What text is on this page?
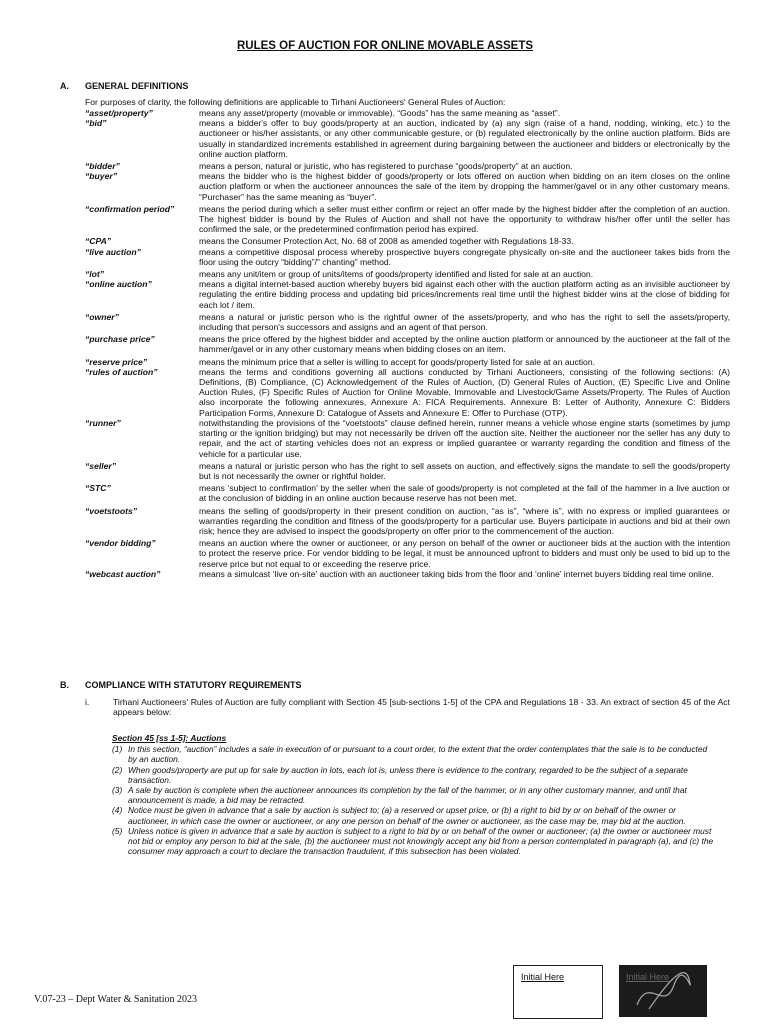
RULES OF AUCTION FOR ONLINE MOVABLE ASSETS
A. GENERAL DEFINITIONS
For purposes of clarity, the following definitions are applicable to Tirhani Auctioneers' General Rules of Auction:
“asset/property”	means any asset/property (movable or immovable). “Goods” has the same meaning as “asset”.
“bid”	means a bidder's offer to buy goods/property at an auction, indicated by (a) any sign (raise of a hand, nodding, winking, etc.) to the auctioneer or his/her assistants, or any other communicable gesture, or (b) regulated electronically by the online auction platform. Bids are usually in standardized increments established in agreement during bargaining between the auctioneer and bidders or electronically by the online auction platform.
“bidder”	means a person, natural or juristic, who has registered to purchase “goods/property” at an auction.
“buyer”	means the bidder who is the highest bidder of goods/property or lots offered on auction when bidding on an item closes on the online auction platform or when the auctioneer announces the sale of the item by dropping the hammer/gavel or in any other customary means. “Purchaser” has the same meaning as “buyer”.
“confirmation period”	means the period during which a seller must either confirm or reject an offer made by the highest bidder after the completion of an auction. The highest bidder is bound by the Rules of Auction and shall not have the opportunity to withdraw his/her offer until the seller has confirmed the sale, or the predetermined confirmation period has expired.
“CPA”	means the Consumer Protection Act, No. 68 of 2008 as amended together with Regulations 18-33.
“live auction”	means a competitive disposal process whereby prospective buyers congregate physically on-site and the auctioneer takes bids from the floor using the outcry “bidding”/” chanting” method.
“lot”	means any unit/item or group of units/items of goods/property identified and listed for sale at an auction.
“online auction”	means a digital internet-based auction whereby buyers bid against each other with the auction platform acting as an invisible auctioneer by regulating the entire bidding process and updating bid prices/increments real time until the highest bidder wins at the close of bidding for each lot / item.
“owner”	means a natural or juristic person who is the rightful owner of the assets/property, and who has the right to sell the assets/property, including that person's successors and assigns and an agent of that person.
“purchase price”	means the price offered by the highest bidder and accepted by the online auction platform or announced by the auctioneer at the fall of the hammer/gavel or in any other customary means when bidding closes on an item.
“reserve price”	means the minimum price that a seller is willing to accept for goods/property listed for sale at an auction.
“rules of auction”	means the terms and conditions governing all auctions conducted by Tirhani Auctioneers, consisting of the following sections: (A) Definitions, (B) Compliance, (C) Acknowledgement of the Rules of Auction, (D) General Rules of Auction, (E) Specific Live and Online Auction Rules, (F) Specific Rules of Auction for Online Movable, Immovable and Livestock/Game Assets/Property. The Rules of Auction also incorporate the following annexures, Annexure A: FICA Requirements. Annexure B: Letter of Authority, Annexure C: Bidders Participation Forms, Annexure D: Catalogue of Assets and Annexure E: Offer to Purchase (OTP).
“runner”	notwithstanding the provisions of the “voetstoots” clause defined herein, runner means a vehicle whose engine starts (sometimes by jump starting or the ignition bridging) but may not necessarily be driven off the auction site. Neither the auctioneer nor the seller has any duty to repair, and the act of starting vehicles does not an express or implied guarantee or warranty regarding the condition and fitness of the vehicle for a particular use.
“seller”	means a natural or juristic person who has the right to sell assets on auction, and effectively signs the mandate to sell the goods/property but is not necessarily the owner or rightful holder.
“STC”	means ‘subject to confirmation’ by the seller when the sale of goods/property is not completed at the fall of the hammer in a live auction or at the conclusion of bidding in an online auction because reserve has not been met.
“voetstoots”	means the selling of goods/property in their present condition on auction, “as is”, “where is”, with no express or implied guarantees or warranties regarding the condition and fitness of the goods/property for a particular use. Buyers participate in auctions and bid at their own risk; hence they are advised to inspect the goods/property on offer prior to the commencement of the auction.
“vendor bidding”	means an auction where the owner or auctioneer, or any person on behalf of the owner or auctioneer bids at the auction with the intention to protect the reserve price. For vendor bidding to be legal, it must be announced upfront to bidders and must only be used to bid up to the reserve price but not equal to or exceeding the reserve price.
“webcast auction”	means a simulcast ‘live on-site’ auction with an auctioneer taking bids from the floor and ‘online’ internet buyers bidding real time online.
B. COMPLIANCE WITH STATUTORY REQUIREMENTS
i.	Tirhani Auctioneers' Rules of Auction are fully compliant with Section 45 [sub-sections 1-5] of the CPA and Regulations 18 - 33. An extract of section 45 of the Act appears below:
Section 45 [ss 1-5]: Auctions
(1) In this section, “auction” includes a sale in execution of or pursuant to a court order, to the extent that the order contemplates that the sale is to be conducted by an auction.
(2) When goods/property are put up for sale by auction in lots, each lot is, unless there is evidence to the contrary, regarded to be the subject of a separate transaction.
(3) A sale by auction is complete when the auctioneer announces its completion by the fall of the hammer, or in any other customary manner, and until that announcement is made, a bid may be retracted.
(4) Notice must be given in advance that a sale by auction is subject to; (a) a reserved or upset price, or (b) a right to bid by or on behalf of the owner or auctioneer, in which case the owner or auctioneer, or any one person on behalf of the owner or auctioneer, as the case may be, may bid at the auction.
(5) Unless notice is given in advance that a sale by auction is subject to a right to bid by or on behalf of the owner or auctioneer; (a) the owner or auctioneer must not bid or employ any person to bid at the sale, (b) the auctioneer must not knowingly accept any bid from a person contemplated in paragraph (a), and (c) the consumer may approach a court to declare the transaction fraudulent, if this subsection has been violated.
Initial Here	Initial Here
V.07-23 – Dept Water & Sanitation 2023
